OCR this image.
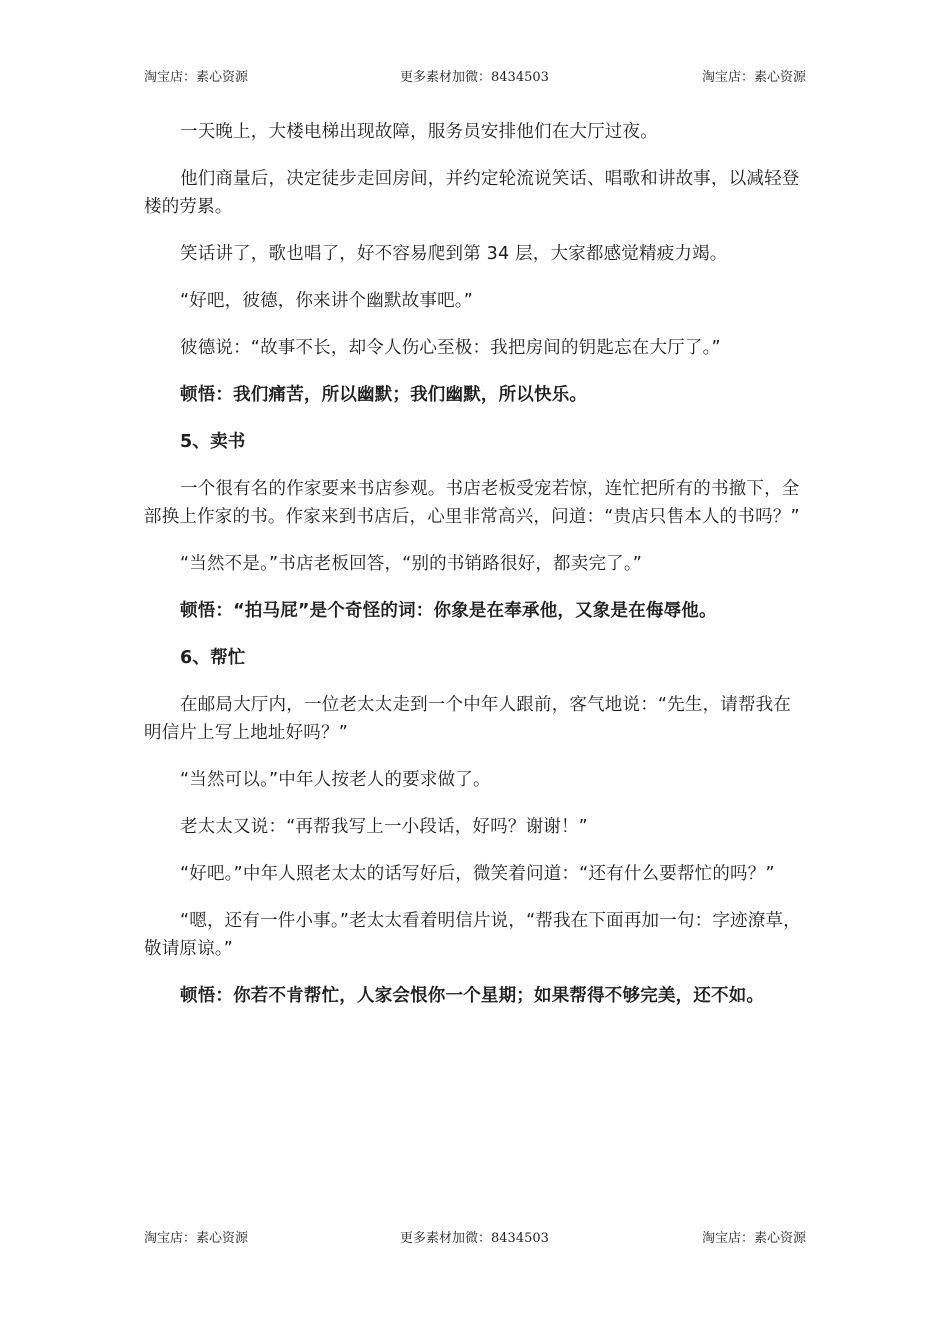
淘宝店：素心资源	更多素材加微：8434503	淘宝店：素心资源

一天晚上，大楼电梯出现故障，服务员安排他们在大厅过夜。

他们商量后，决定徒步走回房间，并约定轮流说笑话、唱歌和讲故事，以减轻登楼的劳累。

笑话讲了，歌也唱了，好不容易爬到第 34 层，大家都感觉精疲力竭。

“好吧，彼德，你来讲个幽默故事吧。”

彼德说：“故事不长，却令人伤心至极：我把房间的钥匙忘在大厅了。”

顿悟：我们痛苦，所以幽默；我们幽默，所以快乐。

5、卖书

一个很有名的作家要来书店参观。书店老板受宠若惊，连忙把所有的书撤下，全部换上作家的书。作家来到书店后，心里非常高兴，问道：“贵店只售本人的书吗？”

“当然不是。”书店老板回答，“别的书销路很好，都卖完了。”

顿悟：“拍马屁”是个奇怪的词：你象是在奉承他，又象是在侮辱他。

6、帮忙

在邮局大厅内，一位老太太走到一个中年人跟前，客气地说：“先生，请帮我在明信片上写上地址好吗？”

“当然可以。”中年人按老人的要求做了。

老太太又说：“再帮我写上一小段话，好吗？谢谢！”

“好吧。”中年人照老太太的话写好后，微笑着问道：“还有什么要帮忙的吗？”

“嗯，还有一件小事。”老太太看着明信片说，“帮我在下面再加一句：字迹潦草，敬请原谅。”

顿悟：你若不肯帮忙，人家会恨你一个星期；如果帮得不够完美，还不如。

淘宝店：素心资源	更多素材加微：8434503	淘宝店：素心资源
